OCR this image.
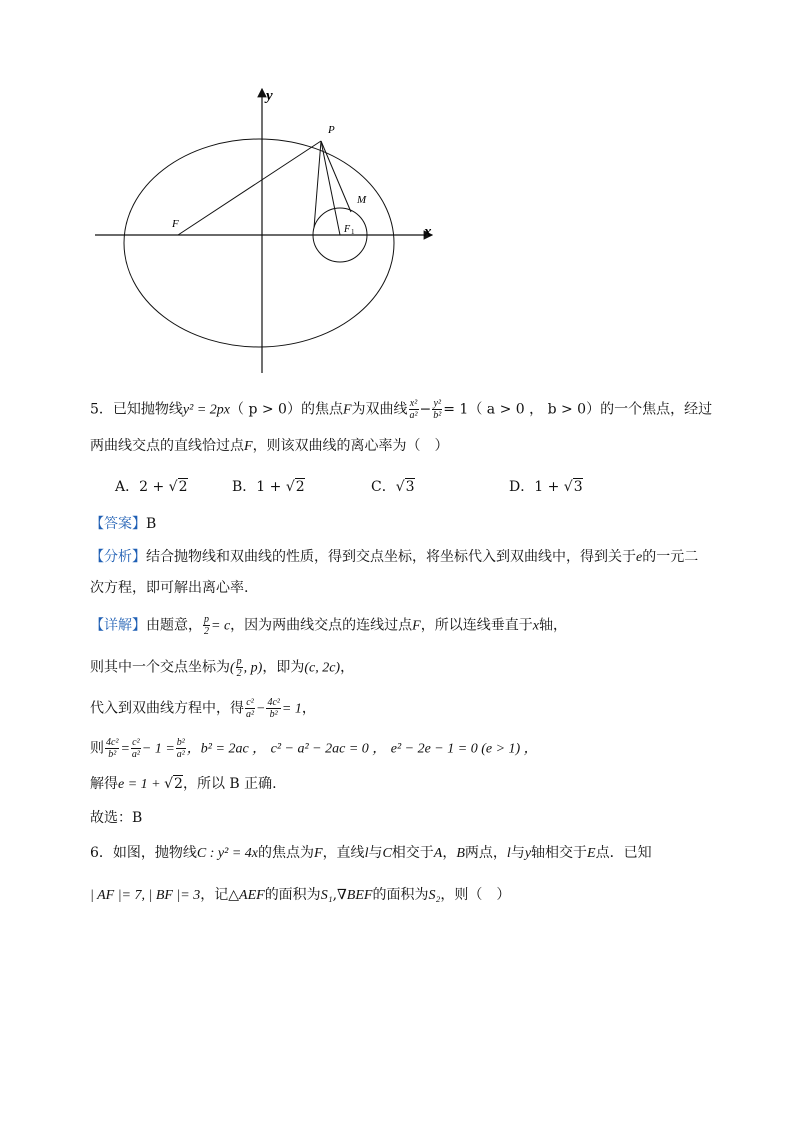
x
y
P
F
M
F 1
5．已知抛物线y² = 2px（ p > 0）的焦点F为双曲线 $\frac{\text{x²}}{\text{a²}} - \frac{\text{y²}}{\text{b²}} = 1$（ a > 0 ， b > 0）的一个焦点，经过
两曲线交点的直线恰过点F，则该双曲线的离心率为（　）
A．2 + √2	B．1 + √2	C．√3	D．1 + √3
【答案】B
【分析】结合抛物线和双曲线的性质，得到交点坐标，将坐标代入到双曲线中，得到关于e的一元二
次方程，即可解出离心率.
【详解】由题意， $\frac{p}{2} = c$，因为两曲线交点的连线过点F，所以连线垂直于x轴，
则其中一个交点坐标为( $\frac{p}{2}$ , p)，即为(c, 2c)，
代入到双曲线方程中，得 $\frac{\text{c²}}{\text{a²}} - \frac{\text{4c²}}{\text{b²}} = 1$，
则 $\frac{\text{4c²}}{\text{b²}} = \frac{\text{c²}}{\text{a²}} - 1 = \frac{\text{b²}}{\text{a²}}$ ，b² = 2ac ， c² − a² − 2ac = 0 ， e² − 2e − 1 = 0 (e > 1) ，
解得e = 1 + √2，所以 B 正确.
故选：B
6．如图，抛物线C : y² = 4x的焦点为F，直线l与C相交于A，B两点，l与y轴相交于E点．已知
| AF |= 7, | BF |= 3，记△AEF的面积为S₁,∇BEF的面积为S₂，则（　）
